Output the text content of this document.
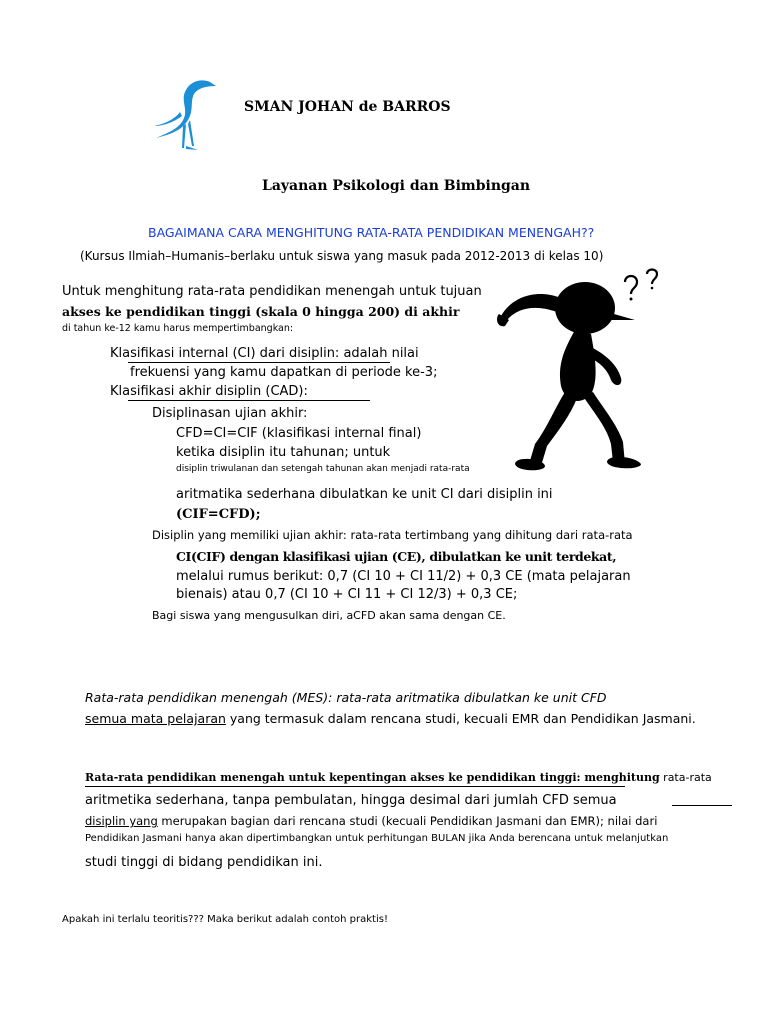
SMAN JOHAN de BARROS
Layanan Psikologi dan Bimbingan
BAGAIMANA CARA MENGHITUNG RATA-RATA PENDIDIKAN MENENGAH??
(Kursus Ilmiah–Humanis–berlaku untuk siswa yang masuk pada 2012-2013 di kelas 10)
Untuk menghitung rata-rata pendidikan menengah untuk tujuan
akses ke pendidikan tinggi (skala 0 hingga 200) di akhir
di tahun ke-12 kamu harus mempertimbangkan:
Klasifikasi internal (CI) dari disiplin: adalah nilai
frekuensi yang kamu dapatkan di periode ke-3;
Klasifikasi akhir disiplin (CAD):
Disiplinasan ujian akhir:
CFD=CI=CIF (klasifikasi internal final)
ketika disiplin itu tahunan; untuk
disiplin triwulanan dan setengah tahunan akan menjadi rata-rata
aritmatika sederhana dibulatkan ke unit CI dari disiplin ini
(CIF=CFD);
Disiplin yang memiliki ujian akhir: rata-rata tertimbang yang dihitung dari rata-rata
CI(CIF) dengan klasifikasi ujian (CE), dibulatkan ke unit terdekat,
melalui rumus berikut: 0,7 (CI 10 + CI 11/2) + 0,3 CE (mata pelajaran
bienais) atau 0,7 (CI 10 + CI 11 + CI 12/3) + 0,3 CE;
Bagi siswa yang mengusulkan diri, aCFD akan sama dengan CE.
Rata-rata pendidikan menengah (MES): rata-rata aritmatika dibulatkan ke unit CFD
semua mata pelajaran yang termasuk dalam rencana studi, kecuali EMR dan Pendidikan Jasmani.
Rata-rata pendidikan menengah untuk kepentingan akses ke pendidikan tinggi: menghitung rata-rata
aritmetika sederhana, tanpa pembulatan, hingga desimal dari jumlah CFD semua
disiplin yang merupakan bagian dari rencana studi (kecuali Pendidikan Jasmani dan EMR); nilai dari
Pendidikan Jasmani hanya akan dipertimbangkan untuk perhitungan BULAN jika Anda berencana untuk melanjutkan
studi tinggi di bidang pendidikan ini.
Apakah ini terlalu teoritis??? Maka berikut adalah contoh praktis!
